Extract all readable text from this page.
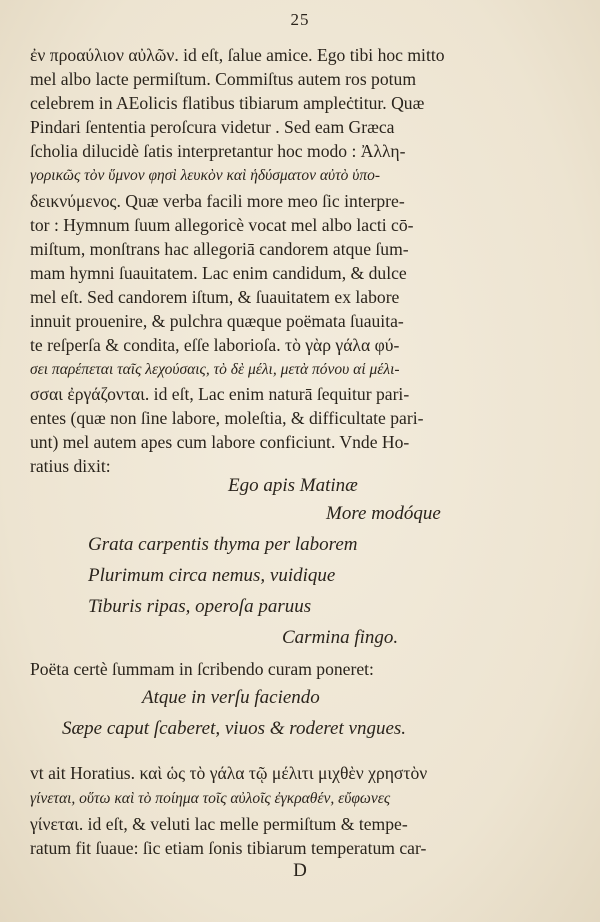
25
ἐν προαύλιον αὐλῶν. id eſt, ſalue amice. Ego tibi hoc mitto
mel albo lacte permiſtum. Commiſtus autem ros potum
celebrem in AEolicis flatibus tibiarum ampleċtitur. Quæ
Pindari ſententia peroſcura videtur . Sed eam Græca
ſcholia dilucidè ſatis interpretantur hoc modo : Ἀλλη-
γορικῶς τὸν ὕμνον φησὶ λευκὸν καὶ ἡδύσματον αὐτὸ ὑπο-
δεικνύμενος. Quæ verba facili more meo ſic interpre-
tor : Hymnum ſuum allegoricè vocat mel albo lacti cō-
miſtum, monſtrans hac allegoriā candorem atque ſum-
mam hymni ſuauitatem. Lac enim candidum, & dulce
mel eſt. Sed candorem iſtum, & ſuauitatem ex labore
innuit prouenire, & pulchra quæque poëmata ſuauita-
te reſperſa & condita, eſſe laborioſa. τὸ γὰρ γάλα φύ-
σει παρέπεται ταῖς λεχούσαις, τὸ δὲ μέλι, μετὰ πόνου αἱ μέλι-
σσαι ἐργάζονται. id eſt, Lac enim naturā ſequitur pari-
entes (quæ non ſine labore, moleſtia, & difficultate pari-
unt) mel autem apes cum labore conficiunt. Vnde Ho-
ratius dixit:
Ego apis Matinæ
More modóque
Grata carpentis thyma per laborem
Plurimum circa nemus, vuidique
Tiburis ripas, operoſa paruus
Carmina fingo.
Poëta certè ſummam in ſcribendo curam poneret:
Atque in verſu faciendo
Sæpe caput ſcaberet, viuos & roderet vngues.
vt ait Horatius. καὶ ὡς τὸ γάλα τῷ μέλιτι μιχθὲν χρηστὸν
γίνεται, οὕτω καὶ τὸ ποίημα τοῖς αὐλοῖς ἐγκραθέν, εὔφωνες
γίνεται. id eſt, & veluti lac melle permiſtum & tempe-
ratum fit ſuaue: ſic etiam ſonis tibiarum temperatum car-
D
